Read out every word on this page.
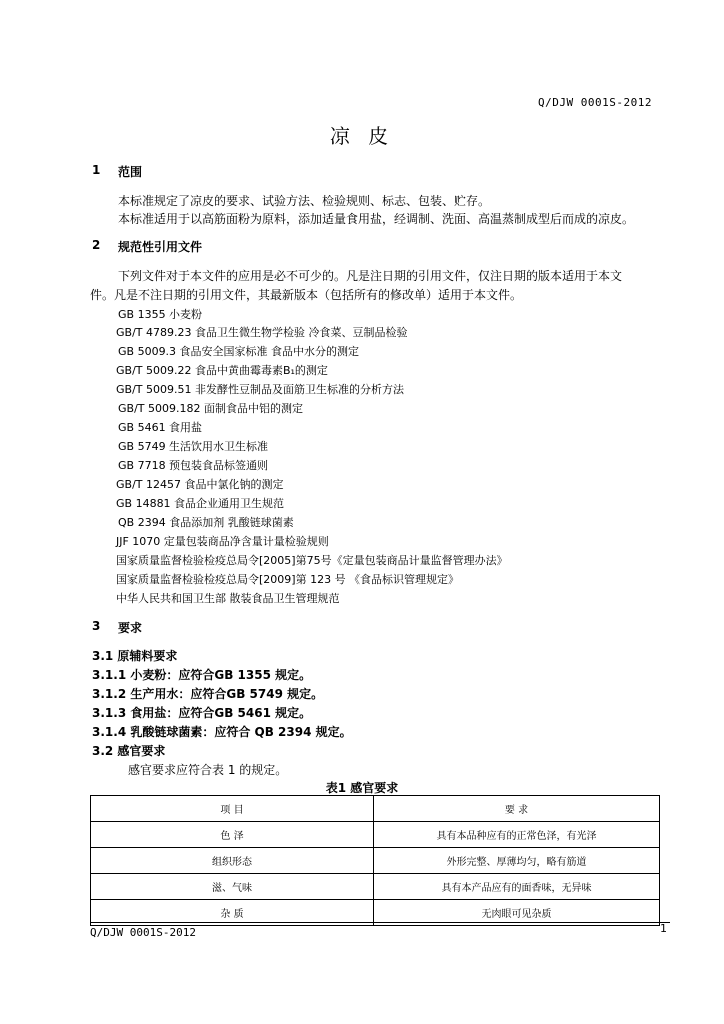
Q/DJW 0001S-2012
凉 皮
1 范围
本标准规定了凉皮的要求、试验方法、检验规则、标志、包装、贮存。
本标准适用于以高筋面粉为原料，添加适量食用盐，经调制、洗面、高温蒸制成型后而成的凉皮。
2 规范性引用文件
下列文件对于本文件的应用是必不可少的。凡是注日期的引用文件，仅注日期的版本适用于本文
件。凡是不注日期的引用文件，其最新版本（包括所有的修改单）适用于本文件。
GB 1355 小麦粉
GB/T 4789.23 食品卫生微生物学检验 冷食菜、豆制品检验
GB 5009.3 食品安全国家标准 食品中水分的测定
GB/T 5009.22 食品中黄曲霉毒素B₁的测定
GB/T 5009.51 非发酵性豆制品及面筋卫生标准的分析方法
GB/T 5009.182 面制食品中铝的测定
GB 5461 食用盐
GB 5749 生活饮用水卫生标准
GB 7718 预包装食品标签通则
GB/T 12457 食品中氯化钠的测定
GB 14881 食品企业通用卫生规范
QB 2394 食品添加剂 乳酸链球菌素
JJF 1070 定量包装商品净含量计量检验规则
国家质量监督检验检疫总局令[2005]第75号《定量包装商品计量监督管理办法》
国家质量监督检验检疫总局令[2009]第 123 号 《食品标识管理规定》
中华人民共和国卫生部 散装食品卫生管理规范
3 要求
3.1 原辅料要求
3.1.1 小麦粉：应符合GB 1355 规定。
3.1.2 生产用水：应符合GB 5749 规定。
3.1.3 食用盐：应符合GB 5461 规定。
3.1.4 乳酸链球菌素：应符合 QB 2394 规定。
3.2 感官要求
感官要求应符合表 1 的规定。
表1 感官要求
项 目	要 求
色 泽	具有本品种应有的正常色泽，有光泽
组织形态	外形完整、厚薄均匀，略有筋道
滋、气味	具有本产品应有的面香味，无异味
杂 质	无肉眼可见杂质
Q/DJW 0001S-2012	1
